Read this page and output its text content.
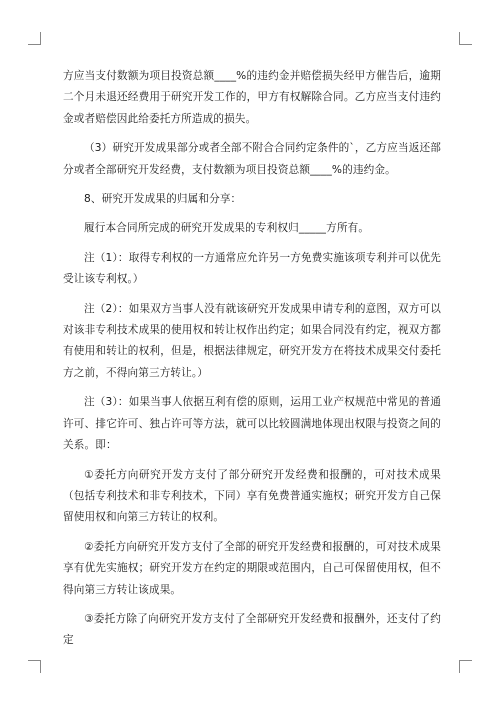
方应当支付数额为项目投资总额____%的违约金并赔偿损失经甲方催告后，逾期二个月未退还经费用于研究开发工作的，甲方有权解除合同。乙方应当支付违约金或者赔偿因此给委托方所造成的损失。

（3）研究开发成果部分或者全部不附合合同约定条件的`，乙方应当返还部分或者全部研究开发经费，支付数额为项目投资总额____%的违约金。

8、研究开发成果的归属和分享：

履行本合同所完成的研究开发成果的专利权归_____方所有。

注（1）：取得专利权的一方通常应允许另一方免费实施该项专利并可以优先受让该专利权。）

注（2）：如果双方当事人没有就该研究开发成果申请专利的意图，双方可以对该非专利技术成果的使用权和转让权作出约定；如果合同没有约定，视双方都有使用和转让的权利，但是，根据法律规定，研究开发方在将技术成果交付委托方之前，不得向第三方转让。）

注（3）：如果当事人依据互利有偿的原则，运用工业产权规范中常见的普通许可、排它许可、独占许可等方法，就可以比较圆满地体现出权限与投资之间的关系。即：

①委托方向研究开发方支付了部分研究开发经费和报酬的，可对技术成果（包括专利技术和非专利技术，下同）享有免费普通实施权；研究开发方自己保留使用权和向第三方转让的权利。

②委托方向研究开发方支付了全部的研究开发经费和报酬的，可对技术成果享有优先实施权；研究开发方在约定的期限或范围内，自己可保留使用权，但不得向第三方转让该成果。

③委托方除了向研究开发方支付了全部研究开发经费和报酬外，还支付了约定
